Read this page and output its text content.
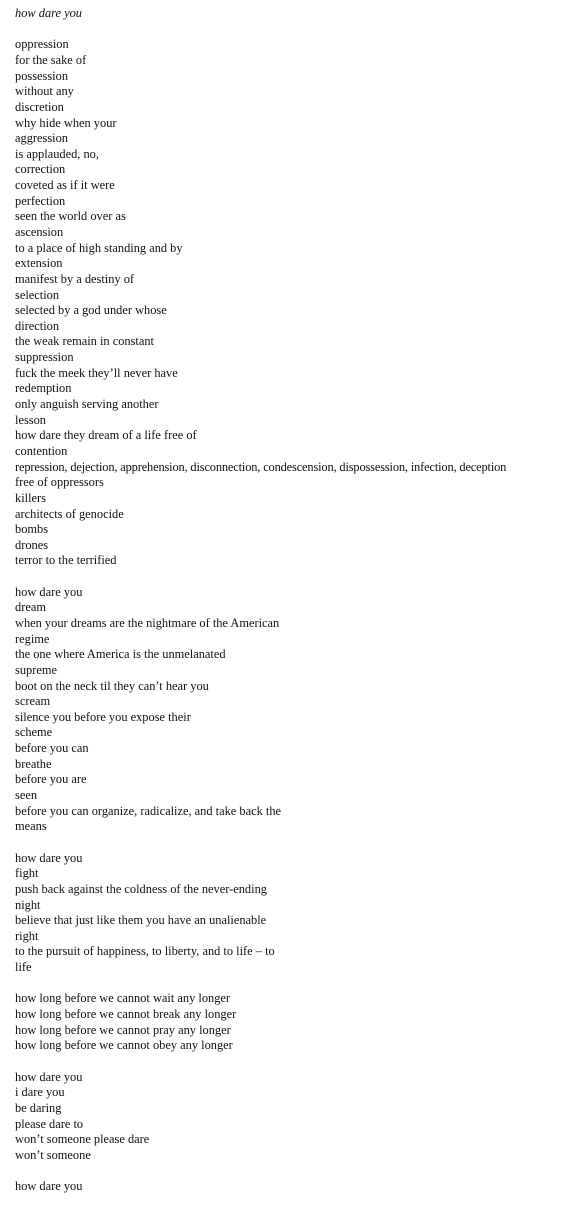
how dare you
oppression
for the sake of
possession
without any
discretion
why hide when your
aggression
is applauded, no,
correction
coveted as if it were
perfection
seen the world over as
ascension
to a place of high standing and by
extension
manifest by a destiny of
selection
selected by a god under whose
direction
the weak remain in constant
suppression
fuck the meek they’ll never have
redemption
only anguish serving another
lesson
how dare they dream of a life free of
contention
repression, dejection, apprehension, disconnection, condescension, dispossession, infection, deception
free of oppressors
killers
architects of genocide
bombs
drones
terror to the terrified
how dare you
dream
when your dreams are the nightmare of the American
regime
the one where America is the unmelanated
supreme
boot on the neck til they can’t hear you
scream
silence you before you expose their
scheme
before you can
breathe
before you are
seen
before you can organize, radicalize, and take back the
means
how dare you
fight
push back against the coldness of the never-ending
night
believe that just like them you have an unalienable
right
to the pursuit of happiness, to liberty, and to life – to
life
how long before we cannot wait any longer
how long before we cannot break any longer
how long before we cannot pray any longer
how long before we cannot obey any longer
how dare you
i dare you
be daring
please dare to
won’t someone please dare
won’t someone
how dare you
